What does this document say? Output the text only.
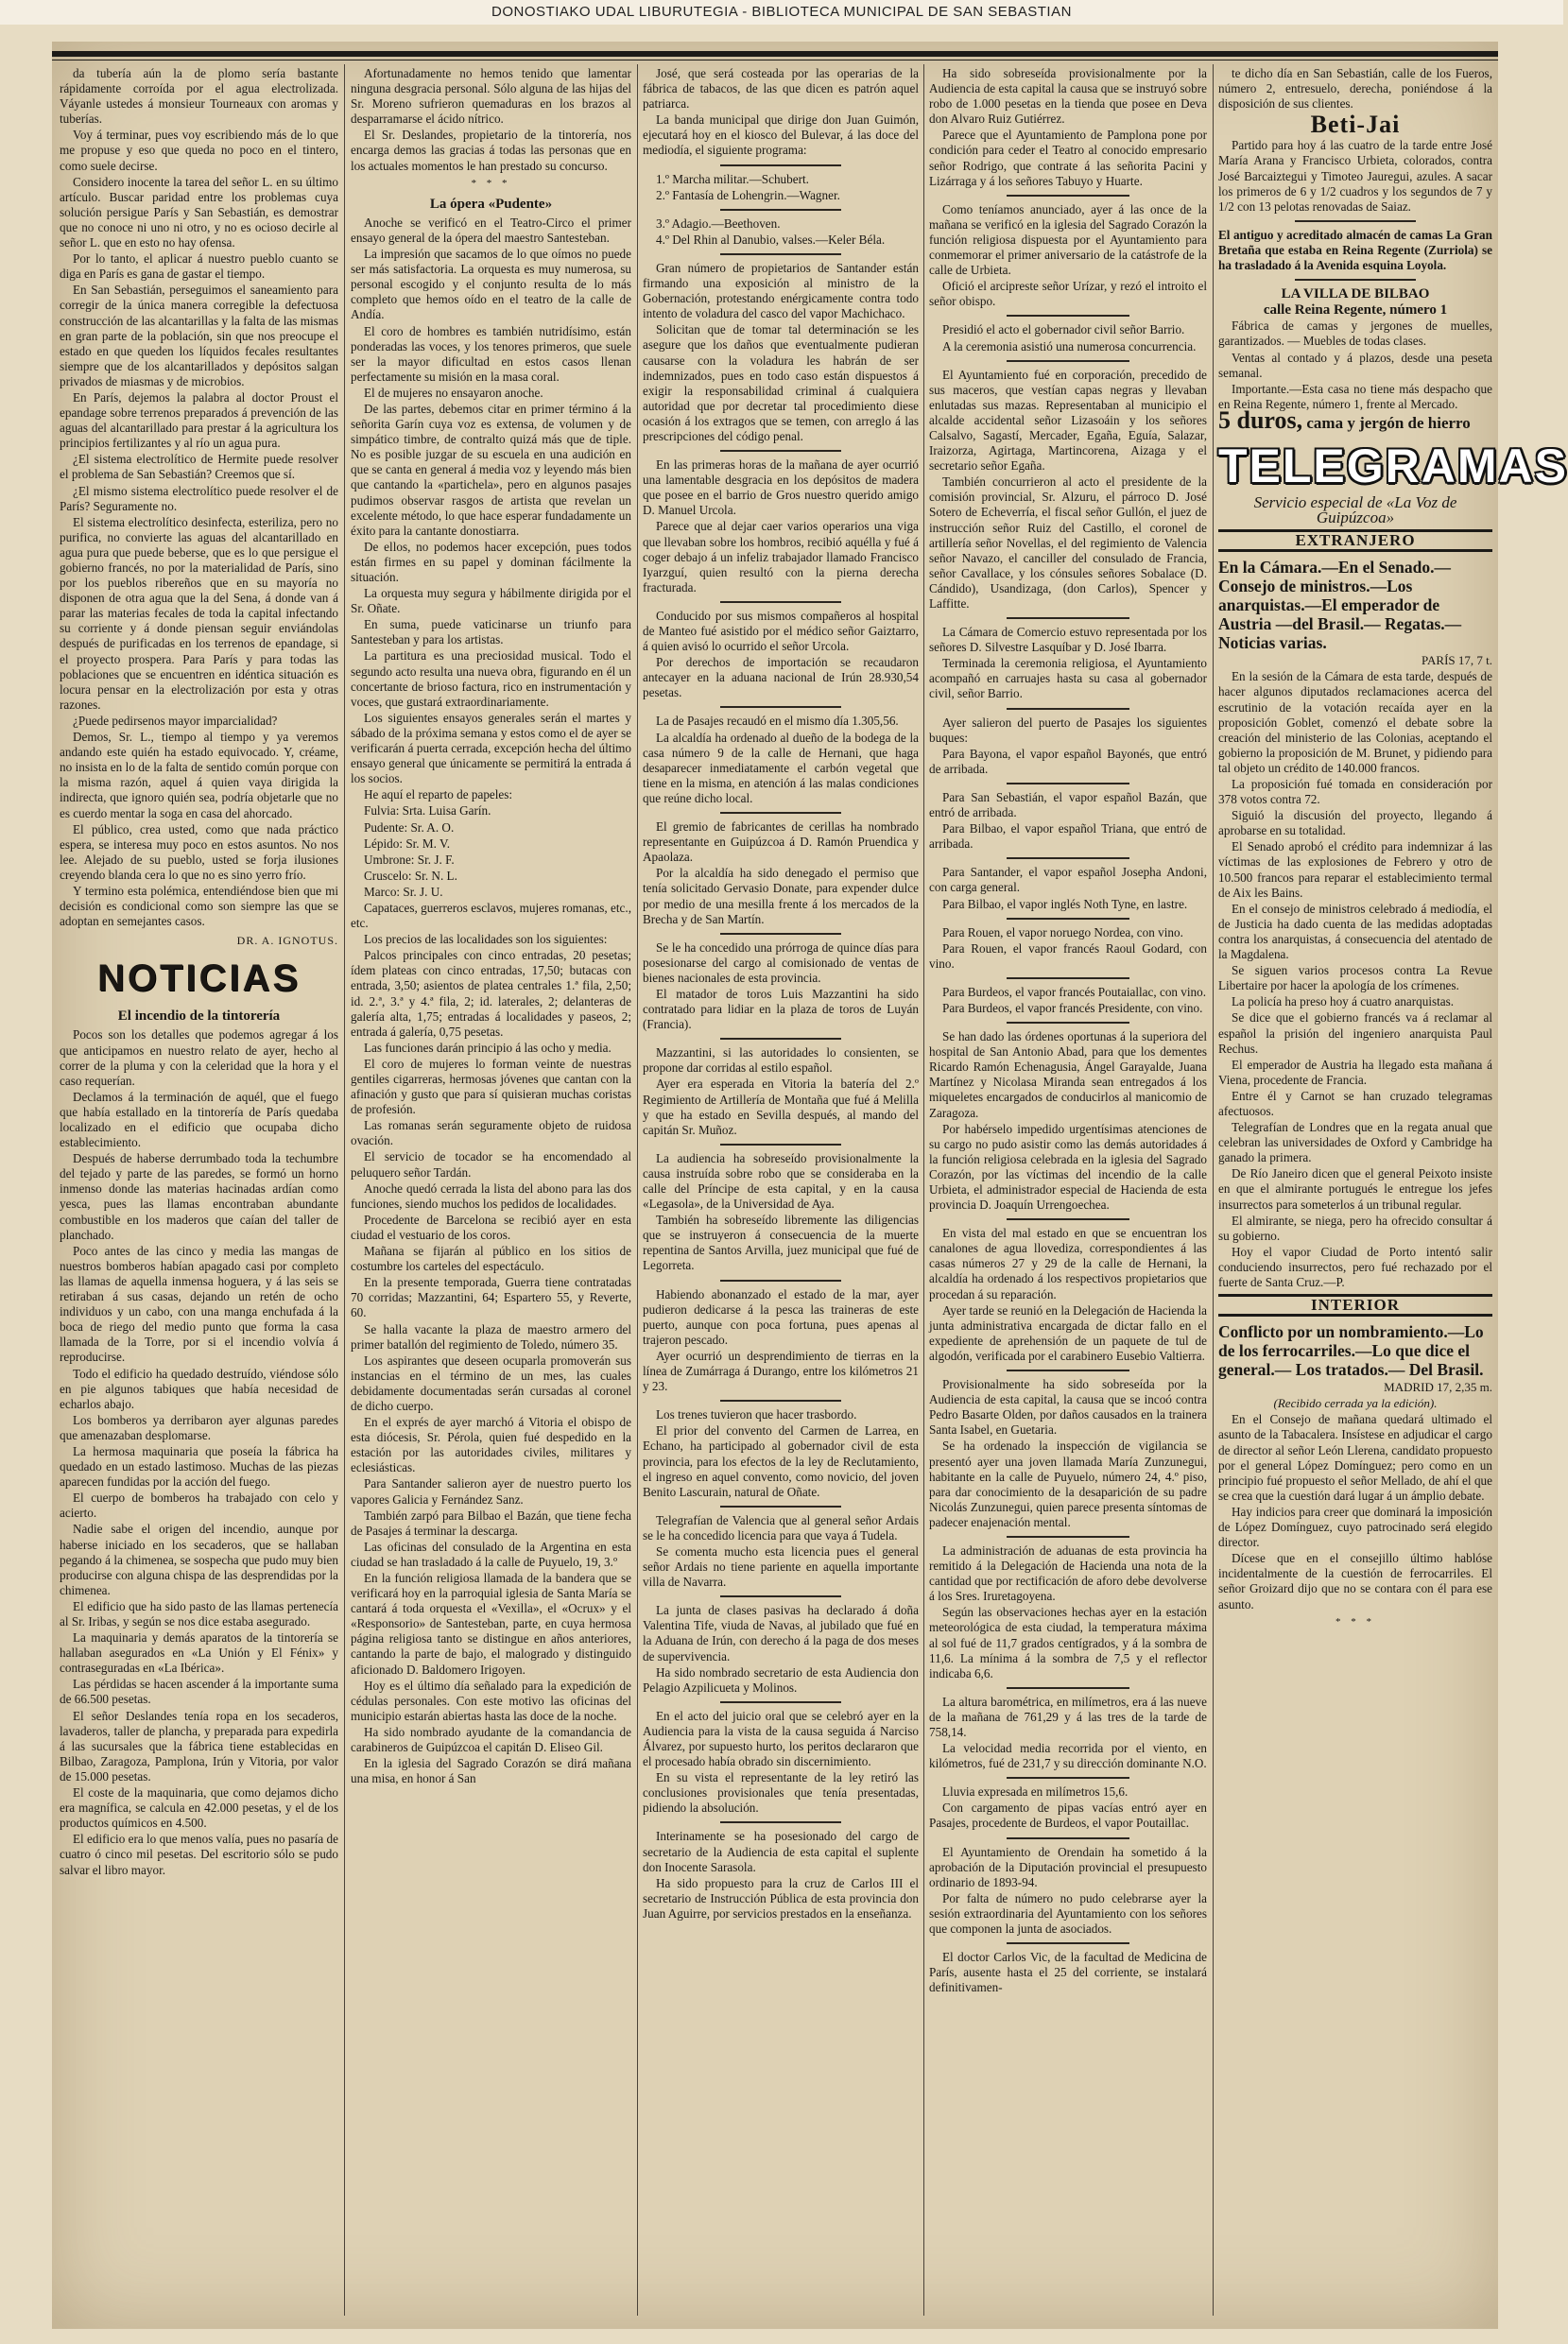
DONOSTIAKO UDAL LIBURUTEGIA - BIBLIOTECA MUNICIPAL DE SAN SEBASTIAN

da tubería aún la de plomo sería bastante rápidamente corroída por el agua electrolizada. Váyanle ustedes á monsieur Tourneaux con aromas y tuberías.

Voy á terminar, pues voy escribiendo más de lo que me propuse y eso que queda no poco en el tintero, como suele decirse.

Considero inocente la tarea del señor L. en su último artículo. Buscar paridad entre los problemas cuya solución persigue París y San Sebastián, es demostrar que no conoce ni uno ni otro, y no es ocioso decirle al señor L. que en esto no hay ofensa.

Por lo tanto, el aplicar á nuestro pueblo cuanto se diga en París es gana de gastar el tiempo.

En San Sebastián, perseguimos el saneamiento para corregir de la única manera corregible la defectuosa construcción de las alcantarillas y la falta de las mismas en gran parte de la población, sin que nos preocupe el estado en que queden los líquidos fecales resultantes siempre que de los alcantarillados y depósitos salgan privados de miasmas y de microbios.

En París, dejemos la palabra al doctor Proust el epandage sobre terrenos preparados á prevención de las aguas del alcantarillado para prestar á la agricultura los principios fertilizantes y al río un agua pura.

¿El sistema electrolítico de Hermite puede resolver el problema de San Sebastián? Creemos que sí.

¿El mismo sistema electrolítico puede resolver el de París? Seguramente no.

El sistema electrolítico desinfecta, esteriliza, pero no purifica, no convierte las aguas del alcantarillado en agua pura que puede beberse, que es lo que persigue el gobierno francés, no por la materialidad de París, sino por los pueblos ribereños que en su mayoría no disponen de otra agua que la del Sena, á donde van á parar las materias fecales de toda la capital infectando su corriente y á donde piensan seguir enviándolas después de purificadas en los terrenos de epandage, si el proyecto prospera. Para París y para todas las poblaciones que se encuentren en idéntica situación es locura pensar en la electrolización por esta y otras razones.

¿Puede pedirsenos mayor imparcialidad?

Demos, Sr. L., tiempo al tiempo y ya veremos andando este quién ha estado equivocado. Y, créame, no insista en lo de la falta de sentido común porque con la misma razón, aquel á quien vaya dirigida la indirecta, que ignoro quién sea, podría objetarle que no es cuerdo mentar la soga en casa del ahorcado.

El público, crea usted, como que nada práctico espera, se interesa muy poco en estos asuntos. No nos lee. Alejado de su pueblo, usted se forja ilusiones creyendo blanda cera lo que no es sino yerro frío.

Y termino esta polémica, entendiéndose bien que mi decisión es condicional como son siempre las que se adoptan en semejantes casos.

DR. A. IGNOTUS.
NOTICIAS
El incendio de la tintorería

Pocos son los detalles que podemos agregar á los que anticipamos en nuestro relato de ayer, hecho al correr de la pluma y con la celeridad que la hora y el caso requerían.

Declamos á la terminación de aquél, que el fuego que había estallado en la tintorería de París quedaba localizado en el edificio que ocupaba dicho establecimiento.

Después de haberse derrumbado toda la techumbre del tejado y parte de las paredes, se formó un horno inmenso donde las materias hacinadas ardían como yesca, pues las llamas encontraban abundante combustible en los maderos que caían del taller de planchado.

Poco antes de las cinco y media las mangas de nuestros bomberos habían apagado casi por completo las llamas de aquella inmensa hoguera, y á las seis se retiraban á sus casas, dejando un retén de ocho individuos y un cabo, con una manga enchufada á la boca de riego del medio punto que forma la casa llamada de la Torre, por si el incendio volvía á reproducirse.

Todo el edificio ha quedado destruído, viéndose sólo en pie algunos tabiques que había necesidad de echarlos abajo.

Los bomberos ya derribaron ayer algunas paredes que amenazaban desplomarse.

La hermosa maquinaria que poseía la fábrica ha quedado en un estado lastimoso. Muchas de las piezas aparecen fundidas por la acción del fuego.

El cuerpo de bomberos ha trabajado con celo y acierto.

Nadie sabe el origen del incendio, aunque por haberse iniciado en los secaderos, que se hallaban pegando á la chimenea, se sospecha que pudo muy bien producirse con alguna chispa de las desprendidas por la chimenea.

El edificio que ha sido pasto de las llamas pertenecía al Sr. Iribas, y según se nos dice estaba asegurado.

La maquinaria y demás aparatos de la tintorería se hallaban asegurados en «La Unión y El Fénix» y contraseguradas en «La Ibérica».

Las pérdidas se hacen ascender á la importante suma de 66.500 pesetas.

El señor Deslandes tenía ropa en los secaderos, lavaderos, taller de plancha, y preparada para expedirla á las sucursales que la fábrica tiene establecidas en Bilbao, Zaragoza, Pamplona, Irún y Vitoria, por valor de 15.000 pesetas.

El coste de la maquinaria, que como dejamos dicho era magnífica, se calcula en 42.000 pesetas, y el de los productos químicos en 4.500.

El edificio era lo que menos valía, pues no pasaría de cuatro ó cinco mil pesetas. Del escritorio sólo se pudo salvar el libro mayor.

Afortunadamente no hemos tenido que lamentar ninguna desgracia personal. Sólo alguna de las hijas del Sr. Moreno sufrieron quemaduras en los brazos al desparramarse el ácido nítrico.

El Sr. Deslandes, propietario de la tintorería, nos encarga demos las gracias á todas las personas que en los actuales momentos le han prestado su concurso.

* * *
La ópera «Pudente»

Anoche se verificó en el Teatro-Circo el primer ensayo general de la ópera del maestro Santesteban.

La impresión que sacamos de lo que oímos no puede ser más satisfactoria. La orquesta es muy numerosa, su personal escogido y el conjunto resulta de lo más completo que hemos oído en el teatro de la calle de Andía.

El coro de hombres es también nutridísimo, están ponderadas las voces, y los tenores primeros, que suele ser la mayor dificultad en estos casos llenan perfectamente su misión en la masa coral.

El de mujeres no ensayaron anoche.

De las partes, debemos citar en primer término á la señorita Garín cuya voz es extensa, de volumen y de simpático timbre, de contralto quizá más que de tiple. No es posible juzgar de su escuela en una audición en que se canta en general á media voz y leyendo más bien que cantando la «partichela», pero en algunos pasajes pudimos observar rasgos de artista que revelan un excelente método, lo que hace esperar fundadamente un éxito para la cantante donostiarra.

De ellos, no podemos hacer excepción, pues todos están firmes en su papel y dominan fácilmente la situación.

La orquesta muy segura y hábilmente dirigida por el Sr. Oñate.

En suma, puede vaticinarse un triunfo para Santesteban y para los artistas.

La partitura es una preciosidad musical. Todo el segundo acto resulta una nueva obra, figurando en él un concertante de brioso factura, rico en instrumentación y voces, que gustará extraordinariamente.

Los siguientes ensayos generales serán el martes y sábado de la próxima semana y estos como el de ayer se verificarán á puerta cerrada, excepción hecha del último ensayo general que únicamente se permitirá la entrada á los socios.

He aquí el reparto de papeles:

Fulvia: Srta. Luisa Garín.

Pudente: Sr. A. O.

Lépido: Sr. M. V.

Umbrone: Sr. J. F.

Cruscelo: Sr. N. L.

Marco: Sr. J. U.

Capataces, guerreros esclavos, mujeres romanas, etc., etc.

Los precios de las localidades son los siguientes:

Palcos principales con cinco entradas, 20 pesetas; ídem plateas con cinco entradas, 17,50; butacas con entrada, 3,50; asientos de platea centrales 1.ª fila, 2,50; id. 2.ª, 3.ª y 4.ª fila, 2; id. laterales, 2; delanteras de galería alta, 1,75; entradas á localidades y paseos, 2; entrada á galería, 0,75 pesetas.

Las funciones darán principio á las ocho y media.

El coro de mujeres lo forman veinte de nuestras gentiles cigarreras, hermosas jóvenes que cantan con la afinación y gusto que para sí quisieran muchas coristas de profesión.

Las romanas serán seguramente objeto de ruidosa ovación.

El servicio de tocador se ha encomendado al peluquero señor Tardán.

Anoche quedó cerrada la lista del abono para las dos funciones, siendo muchos los pedidos de localidades.

Procedente de Barcelona se recibió ayer en esta ciudad el vestuario de los coros.

Mañana se fijarán al público en los sitios de costumbre los carteles del espectáculo.

En la presente temporada, Guerra tiene contratadas 70 corridas; Mazzantini, 64; Espartero 55, y Reverte, 60.

Se halla vacante la plaza de maestro armero del primer batallón del regimiento de Toledo, número 35.

Los aspirantes que deseen ocuparla promoverán sus instancias en el término de un mes, las cuales debidamente documentadas serán cursadas al coronel de dicho cuerpo.

En el exprés de ayer marchó á Vitoria el obispo de esta diócesis, Sr. Pérola, quien fué despedido en la estación por las autoridades civiles, militares y eclesiásticas.

Para Santander salieron ayer de nuestro puerto los vapores Galicia y Fernández Sanz.

También zarpó para Bilbao el Bazán, que tiene fecha de Pasajes á terminar la descarga.

Las oficinas del consulado de la Argentina en esta ciudad se han trasladado á la calle de Puyuelo, 19, 3.º

En la función religiosa llamada de la bandera que se verificará hoy en la parroquial iglesia de Santa María se cantará á toda orquesta el «Vexilla», el «Ocrux» y el «Responsorio» de Santesteban, parte, en cuya hermosa página religiosa tanto se distingue en años anteriores, cantando la parte de bajo, el malogrado y distinguido aficionado D. Baldomero Irigoyen.

Hoy es el último día señalado para la expedición de cédulas personales. Con este motivo las oficinas del municipio estarán abiertas hasta las doce de la noche.

Ha sido nombrado ayudante de la comandancia de carabineros de Guipúzcoa el capitán D. Eliseo Gil.

En la iglesia del Sagrado Corazón se dirá mañana una misa, en honor á San

José, que será costeada por las operarias de la fábrica de tabacos, de las que dicen es patrón aquel patriarca.

La banda municipal que dirige don Juan Guimón, ejecutará hoy en el kiosco del Bulevar, á las doce del mediodía, el siguiente programa:

1.º Marcha militar.—Schubert.

2.º Fantasía de Lohengrin.—Wagner.

3.º Adagio.—Beethoven.

4.º Del Rhin al Danubio, valses.—Keler Béla.

Gran número de propietarios de Santander están firmando una exposición al ministro de la Gobernación, protestando enérgicamente contra todo intento de voladura del casco del vapor Machichaco.

Solicitan que de tomar tal determinación se les asegure que los daños que eventualmente pudieran causarse con la voladura les habrán de ser indemnizados, pues en todo caso están dispuestos á exigir la responsabilidad criminal á cualquiera autoridad que por decretar tal procedimiento diese ocasión á los extragos que se temen, con arreglo á las prescripciones del código penal.

En las primeras horas de la mañana de ayer ocurrió una lamentable desgracia en los depósitos de madera que posee en el barrio de Gros nuestro querido amigo D. Manuel Urcola.

Parece que al dejar caer varios operarios una viga que llevaban sobre los hombros, recibió aquélla y fué á coger debajo á un infeliz trabajador llamado Francisco Iyarzguí, quien resultó con la pierna derecha fracturada.

Conducido por sus mismos compañeros al hospital de Manteo fué asistido por el médico señor Gaiztarro, á quien avisó lo ocurrido el señor Urcola.

Por derechos de importación se recaudaron antecayer en la aduana nacional de Irún 28.930,54 pesetas.

La de Pasajes recaudó en el mismo día 1.305,56.

La alcaldía ha ordenado al dueño de la bodega de la casa número 9 de la calle de Hernani, que haga desaparecer inmediatamente el carbón vegetal que tiene en la misma, en atención á las malas condiciones que reúne dicho local.

El gremio de fabricantes de cerillas ha nombrado representante en Guipúzcoa á D. Ramón Pruendica y Apaolaza.

Por la alcaldía ha sido denegado el permiso que tenía solicitado Gervasio Donate, para expender dulce por medio de una mesilla frente á los mercados de la Brecha y de San Martín.

Se le ha concedido una prórroga de quince días para posesionarse del cargo al comisionado de ventas de bienes nacionales de esta provincia.

El matador de toros Luis Mazzantini ha sido contratado para lidiar en la plaza de toros de Luyán (Francia).

Mazzantini, si las autoridades lo consienten, se propone dar corridas al estilo español.

Ayer era esperada en Vitoria la batería del 2.º Regimiento de Artillería de Montaña que fué á Melilla y que ha estado en Sevilla después, al mando del capitán Sr. Muñoz.

La audiencia ha sobreseído provisionalmente la causa instruída sobre robo que se consideraba en la calle del Príncipe de esta capital, y en la causa «Legasola», de la Universidad de Aya.

También ha sobreseído libremente las diligencias que se instruyeron á consecuencia de la muerte repentina de Santos Arvilla, juez municipal que fué de Legorreta.

Habiendo abonanzado el estado de la mar, ayer pudieron dedicarse á la pesca las traineras de este puerto, aunque con poca fortuna, pues apenas al trajeron pescado.

Ayer ocurrió un desprendimiento de tierras en la línea de Zumárraga á Durango, entre los kilómetros 21 y 23.

Los trenes tuvieron que hacer trasbordo.

El prior del convento del Carmen de Larrea, en Echano, ha participado al gobernador civil de esta provincia, para los efectos de la ley de Reclutamiento, el ingreso en aquel convento, como novicio, del joven Benito Lascurain, natural de Oñate.

Telegrafían de Valencia que al general señor Ardais se le ha concedido licencia para que vaya á Tudela.

Se comenta mucho esta licencia pues el general señor Ardais no tiene pariente en aquella importante villa de Navarra.

La junta de clases pasivas ha declarado á doña Valentina Tife, viuda de Navas, al jubilado que fué en la Aduana de Irún, con derecho á la paga de dos meses de supervivencia.

Ha sido nombrado secretario de esta Audiencia don Pelagio Azpilicueta y Molinos.

En el acto del juicio oral que se celebró ayer en la Audiencia para la vista de la causa seguida á Narciso Álvarez, por supuesto hurto, los peritos declararon que el procesado había obrado sin discernimiento.

En su vista el representante de la ley retiró las conclusiones provisionales que tenía presentadas, pidiendo la absolución.

Interinamente se ha posesionado del cargo de secretario de la Audiencia de esta capital el suplente don Inocente Sarasola.

Ha sido propuesto para la cruz de Carlos III el secretario de Instrucción Pública de esta provincia don Juan Aguirre, por servicios prestados en la enseñanza.

Ha sido sobreseída provisionalmente por la Audiencia de esta capital la causa que se instruyó sobre robo de 1.000 pesetas en la tienda que posee en Deva don Alvaro Ruiz Gutiérrez.

Parece que el Ayuntamiento de Pamplona pone por condición para ceder el Teatro al conocido empresario señor Rodrigo, que contrate á las señorita Pacini y Lizárraga y á los señores Tabuyo y Huarte.

Como teníamos anunciado, ayer á las once de la mañana se verificó en la iglesia del Sagrado Corazón la función religiosa dispuesta por el Ayuntamiento para conmemorar el primer aniversario de la catástrofe de la calle de Urbieta.

Ofició el arcipreste señor Urízar, y rezó el introito el señor obispo.

Presidió el acto el gobernador civil señor Barrio.

A la ceremonia asistió una numerosa concurrencia.

El Ayuntamiento fué en corporación, precedido de sus maceros, que vestían capas negras y llevaban enlutadas sus mazas. Representaban al municipio el alcalde accidental señor Lizasoáin y los señores Calsalvo, Sagastí, Mercader, Egaña, Eguía, Salazar, Iraizorza, Agirtaga, Martincorena, Aizaga y el secretario señor Egaña.

También concurrieron al acto el presidente de la comisión provincial, Sr. Alzuru, el párroco D. José Sotero de Echeverría, el fiscal señor Gullón, el juez de instrucción señor Ruiz del Castillo, el coronel de artillería señor Novellas, el del regimiento de Valencia señor Navazo, el canciller del consulado de Francia, señor Cavallace, y los cónsules señores Sobalace (D. Cándido), Usandizaga, (don Carlos), Spencer y Laffitte.

La Cámara de Comercio estuvo representada por los señores D. Silvestre Lasquíbar y D. José Ibarra.

Terminada la ceremonia religiosa, el Ayuntamiento acompañó en carruajes hasta su casa al gobernador civil, señor Barrio.

Ayer salieron del puerto de Pasajes los siguientes buques:

Para Bayona, el vapor español Bayonés, que entró de arribada.

Para San Sebastián, el vapor español Bazán, que entró de arribada.

Para Bilbao, el vapor español Triana, que entró de arribada.

Para Santander, el vapor español Josepha Andoni, con carga general.

Para Bilbao, el vapor inglés Noth Tyne, en lastre.

Para Rouen, el vapor noruego Nordea, con vino.

Para Rouen, el vapor francés Raoul Godard, con vino.

Para Burdeos, el vapor francés Poutaiallac, con vino.

Para Burdeos, el vapor francés Presidente, con vino.

Se han dado las órdenes oportunas á la superiora del hospital de San Antonio Abad, para que los dementes Ricardo Ramón Echenagusia, Ángel Garayalde, Juana Martínez y Nicolasa Miranda sean entregados á los miqueletes encargados de conducirlos al manicomio de Zaragoza.

Por habérselo impedido urgentísimas atenciones de su cargo no pudo asistir como las demás autoridades á la función religiosa celebrada en la iglesia del Sagrado Corazón, por las víctimas del incendio de la calle Urbieta, el administrador especial de Hacienda de esta provincia D. Joaquín Urrengoechea.

En vista del mal estado en que se encuentran los canalones de agua llovediza, correspondientes á las casas números 27 y 29 de la calle de Hernani, la alcaldía ha ordenado á los respectivos propietarios que procedan á su reparación.

Ayer tarde se reunió en la Delegación de Hacienda la junta administrativa encargada de dictar fallo en el expediente de aprehensión de un paquete de tul de algodón, verificada por el carabinero Eusebio Valtierra.

Provisionalmente ha sido sobreseída por la Audiencia de esta capital, la causa que se incoó contra Pedro Basarte Olden, por daños causados en la trainera Santa Isabel, en Guetaria.

Se ha ordenado la inspección de vigilancia se presentó ayer una joven llamada María Zunzunegui, habitante en la calle de Puyuelo, número 24, 4.º piso, para dar conocimiento de la desaparición de su padre Nicolás Zunzunegui, quien parece presenta síntomas de padecer enajenación mental.

La administración de aduanas de esta provincia ha remitido á la Delegación de Hacienda una nota de la cantidad que por rectificación de aforo debe devolverse á los Sres. Iruretagoyena.

Según las observaciones hechas ayer en la estación meteorológica de esta ciudad, la temperatura máxima al sol fué de 11,7 grados centígrados, y á la sombra de 11,6. La mínima á la sombra de 7,5 y el reflector indicaba 6,6.

La altura barométrica, en milímetros, era á las nueve de la mañana de 761,29 y á las tres de la tarde de 758,14.

La velocidad media recorrida por el viento, en kilómetros, fué de 231,7 y su dirección dominante N.O.

Lluvia expresada en milímetros 15,6.

Con cargamento de pipas vacías entró ayer en Pasajes, procedente de Burdeos, el vapor Poutaillac.

El Ayuntamiento de Orendain ha sometido á la aprobación de la Diputación provincial el presupuesto ordinario de 1893-94.

Por falta de número no pudo celebrarse ayer la sesión extraordinaria del Ayuntamiento con los señores que componen la junta de asociados.

El doctor Carlos Vic, de la facultad de Medicina de París, ausente hasta el 25 del corriente, se instalará definitivamen-

te dicho día en San Sebastián, calle de los Fueros, número 2, entresuelo, derecha, poniéndose á la disposición de sus clientes.

Beti-Jai

Partido para hoy á las cuatro de la tarde entre José María Arana y Francisco Urbieta, colorados, contra José Barcaiztegui y Timoteo Jauregui, azules. A sacar los primeros de 6 y 1/2 cuadros y los segundos de 7 y 1/2 con 13 pelotas renovadas de Saiaz.

El antiguo y acreditado almacén de camas La Gran Bretaña que estaba en Reina Regente (Zurriola) se ha trasladado á la Avenida esquina Loyola.

LA VILLA DE BILBAO

calle Reina Regente, número 1

Fábrica de camas y jergones de muelles, garantizados. — Muebles de todas clases.

Ventas al contado y á plazos, desde una peseta semanal.

Importante.—Esta casa no tiene más despacho que en Reina Regente, número 1, frente al Mercado.

5 duros, cama y jergón de hierro

TELEGRAMAS
Servicio especial de «La Voz de Guipúzcoa»
EXTRANJERO

En la Cámara.—En el Senado.— Consejo de ministros.—Los anarquistas.—El emperador de Austria —del Brasil.— Regatas.— Noticias varias.

PARÍS 17, 7 t.

En la sesión de la Cámara de esta tarde, después de hacer algunos diputados reclamaciones acerca del escrutinio de la votación recaída ayer en la proposición Goblet, comenzó el debate sobre la creación del ministerio de las Colonias, aceptando el gobierno la proposición de M. Brunet, y pidiendo para tal objeto un crédito de 140.000 francos.

La proposición fué tomada en consideración por 378 votos contra 72.

Siguió la discusión del proyecto, llegando á aprobarse en su totalidad.

El Senado aprobó el crédito para indemnizar á las víctimas de las explosiones de Febrero y otro de 10.500 francos para reparar el establecimiento termal de Aix les Bains.

En el consejo de ministros celebrado á mediodía, el de Justicia ha dado cuenta de las medidas adoptadas contra los anarquistas, á consecuencia del atentado de la Magdalena.

Se siguen varios procesos contra La Revue Libertaire por hacer la apología de los crímenes.

La policía ha preso hoy á cuatro anarquistas.

Se dice que el gobierno francés va á reclamar al español la prisión del ingeniero anarquista Paul Rechus.

El emperador de Austria ha llegado esta mañana á Viena, procedente de Francia.

Entre él y Carnot se han cruzado telegramas afectuosos.

Telegrafían de Londres que en la regata anual que celebran las universidades de Oxford y Cambridge ha ganado la primera.

De Río Janeiro dicen que el general Peixoto insiste en que el almirante portugués le entregue los jefes insurrectos para someterlos á un tribunal regular.

El almirante, se niega, pero ha ofrecido consultar á su gobierno.

Hoy el vapor Ciudad de Porto intentó salir conduciendo insurrectos, pero fué rechazado por el fuerte de Santa Cruz.—P.

INTERIOR

Conflicto por un nombramiento.—Lo de los ferrocarriles.—Lo que dice el general.— Los tratados.— Del Brasil.

MADRID 17, 2,35 m.

(Recibido cerrada ya la edición).

En el Consejo de mañana quedará ultimado el asunto de la Tabacalera. Insístese en adjudicar el cargo de director al señor León Llerena, candidato propuesto por el general López Domínguez; pero como en un principio fué propuesto el señor Mellado, de ahí el que se crea que la cuestión dará lugar á un ámplio debate.

Hay indicios para creer que dominará la imposición de López Domínguez, cuyo patrocinado será elegido director.

Dícese que en el consejillo último hablóse incidentalmente de la cuestión de ferrocarriles. El señor Groizard dijo que no se contara con él para ese asunto.

* * *
